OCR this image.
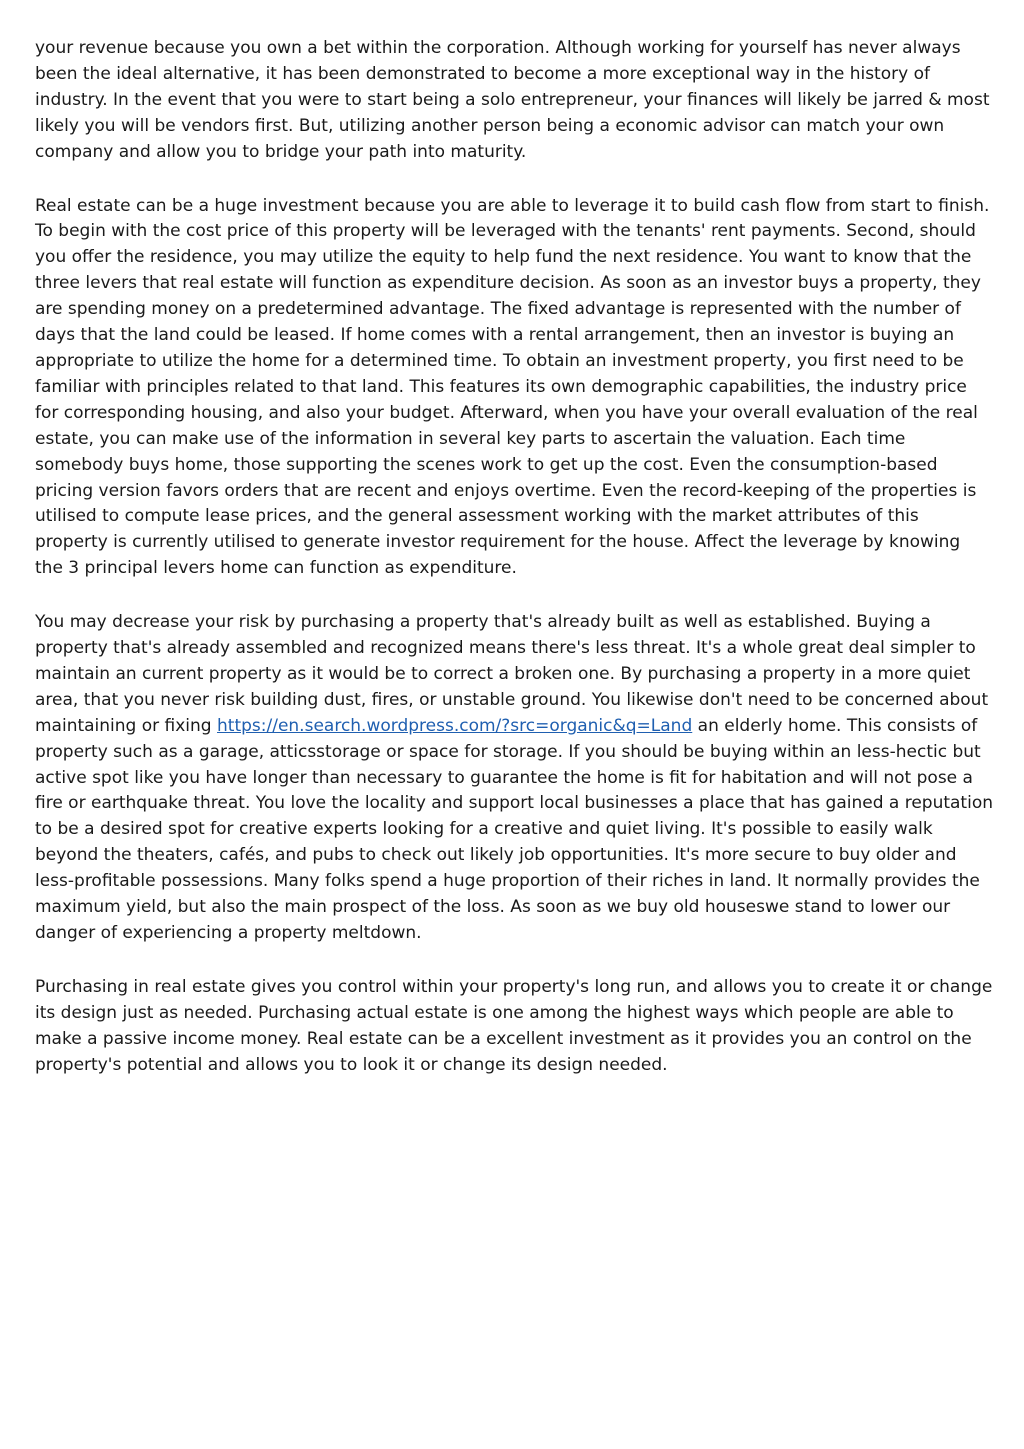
your revenue because you own a bet within the corporation. Although working for yourself has never always been the ideal alternative, it has been demonstrated to become a more exceptional way in the history of industry. In the event that you were to start being a solo entrepreneur, your finances will likely be jarred & most likely you will be vendors first. But, utilizing another person being a economic advisor can match your own company and allow you to bridge your path into maturity.

Real estate can be a huge investment because you are able to leverage it to build cash flow from start to finish. To begin with the cost price of this property will be leveraged with the tenants' rent payments. Second, should you offer the residence, you may utilize the equity to help fund the next residence. You want to know that the three levers that real estate will function as expenditure decision. As soon as an investor buys a property, they are spending money on a predetermined advantage. The fixed advantage is represented with the number of days that the land could be leased. If home comes with a rental arrangement, then an investor is buying an appropriate to utilize the home for a determined time. To obtain an investment property, you first need to be familiar with principles related to that land. This features its own demographic capabilities, the industry price for corresponding housing, and also your budget. Afterward, when you have your overall evaluation of the real estate, you can make use of the information in several key parts to ascertain the valuation. Each time somebody buys home, those supporting the scenes work to get up the cost. Even the consumption-based pricing version favors orders that are recent and enjoys overtime. Even the record-keeping of the properties is utilised to compute lease prices, and the general assessment working with the market attributes of this property is currently utilised to generate investor requirement for the house. Affect the leverage by knowing the 3 principal levers home can function as expenditure.

You may decrease your risk by purchasing a property that's already built as well as established. Buying a property that's already assembled and recognized means there's less threat. It's a whole great deal simpler to maintain an current property as it would be to correct a broken one. By purchasing a property in a more quiet area, that you never risk building dust, fires, or unstable ground. You likewise don't need to be concerned about maintaining or fixing https://en.search.wordpress.com/?src=organic&q=Land an elderly home. This consists of property such as a garage, atticsstorage or space for storage. If you should be buying within an less-hectic but active spot like you have longer than necessary to guarantee the home is fit for habitation and will not pose a fire or earthquake threat. You love the locality and support local businesses a place that has gained a reputation to be a desired spot for creative experts looking for a creative and quiet living. It's possible to easily walk beyond the theaters, cafés, and pubs to check out likely job opportunities. It's more secure to buy older and less-profitable possessions. Many folks spend a huge proportion of their riches in land. It normally provides the maximum yield, but also the main prospect of the loss. As soon as we buy old houseswe stand to lower our danger of experiencing a property meltdown.

Purchasing in real estate gives you control within your property's long run, and allows you to create it or change its design just as needed. Purchasing actual estate is one among the highest ways which people are able to make a passive income money. Real estate can be a excellent investment as it provides you an control on the property's potential and allows you to look it or change its design needed.
